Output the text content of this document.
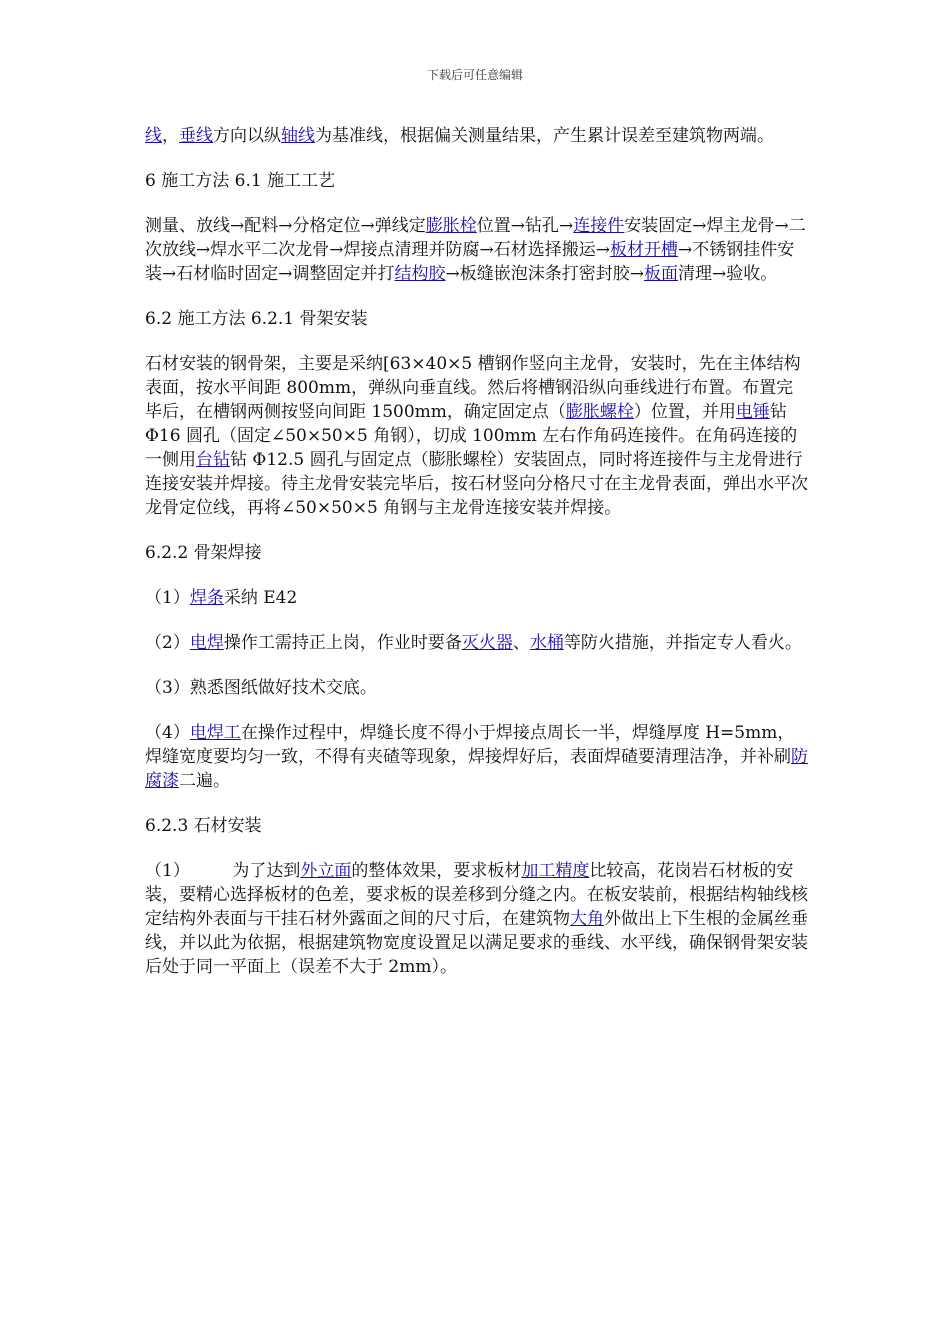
下载后可任意编辑

线，垂线方向以纵轴线为基准线，根据偏关测量结果，产生累计误差至建筑物两端。

6 施工方法 6.1 施工工艺

测量、放线→配料→分格定位→弹线定膨胀栓位置→钻孔→连接件安装固定→焊主龙骨→二次放线→焊水平二次龙骨→焊接点清理并防腐→石材选择搬运→板材开槽→不锈钢挂件安装→石材临时固定→调整固定并打结构胶→板缝嵌泡沫条打密封胶→板面清理→验收。

6.2 施工方法 6.2.1 骨架安装

石材安装的钢骨架，主要是采纳[63×40×5 槽钢作竖向主龙骨，安装时，先在主体结构表面，按水平间距 800mm，弹纵向垂直线。然后将槽钢沿纵向垂线进行布置。布置完毕后，在槽钢两侧按竖向间距 1500mm，确定固定点（膨胀螺栓）位置，并用电锤钻 Φ16 圆孔（固定∠50×50×5 角钢），切成 100mm 左右作角码连接件。在角码连接的一侧用台钻钻 Φ12.5 圆孔与固定点（膨胀螺栓）安装固点，同时将连接件与主龙骨进行连接安装并焊接。待主龙骨安装完毕后，按石材竖向分格尺寸在主龙骨表面，弹出水平次龙骨定位线，再将∠50×50×5 角钢与主龙骨连接安装并焊接。

6.2.2 骨架焊接

（1）焊条采纳 E42

（2）电焊操作工需持正上岗，作业时要备灭火器、水桶等防火措施，并指定专人看火。

（3）熟悉图纸做好技术交底。

（4）电焊工在操作过程中，焊缝长度不得小于焊接点周长一半，焊缝厚度 H=5mm，焊缝宽度要均匀一致，不得有夹碴等现象，焊接焊好后，表面焊碴要清理洁净，并补刷防腐漆二遍。

6.2.3 石材安装

（1）　　　为了达到外立面的整体效果，要求板材加工精度比较高，花岗岩石材板的安装，要精心选择板材的色差，要求板的误差移到分缝之内。在板安装前，根据结构轴线核定结构外表面与干挂石材外露面之间的尺寸后，在建筑物大角外做出上下生根的金属丝垂线，并以此为依据，根据建筑物宽度设置足以满足要求的垂线、水平线，确保钢骨架安装后处于同一平面上（误差不大于 2mm）。
